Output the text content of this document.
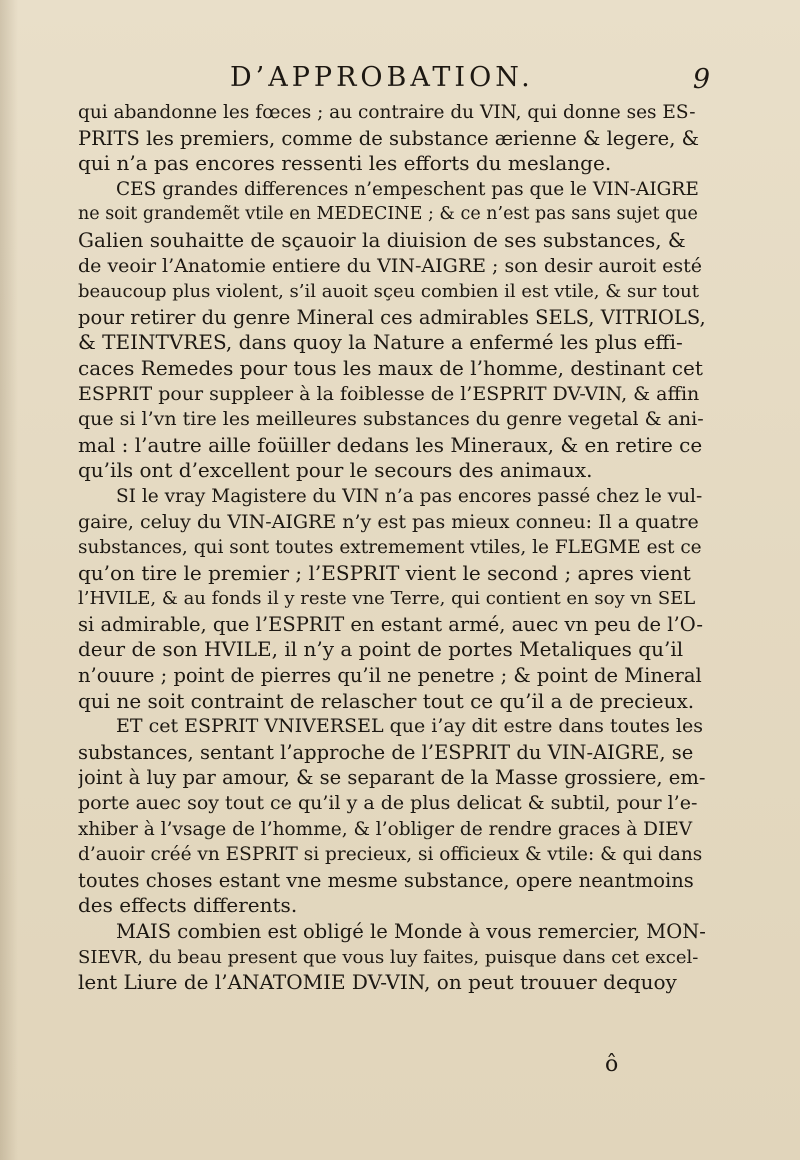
D’APPROBATION.	9
qui abandonne les fœces ; au contraire du VIN, qui donne ses ES-
PRITS les premiers, comme de substance ærienne & legere, &
qui n’a pas encores ressenti les efforts du meslange.
CES grandes differences n’empeschent pas que le VIN-AIGRE
ne soit grandemẽt vtile en MEDECINE ; & ce n’est pas sans sujet que
Galien souhaitte de sçauoir la diuision de ses substances, &
de veoir l’Anatomie entiere du VIN-AIGRE ; son desir auroit esté
beaucoup plus violent, s’il auoit sçeu combien il est vtile, & sur tout
pour retirer du genre Mineral ces admirables SELS, VITRIOLS,
& TEINTVRES, dans quoy la Nature a enfermé les plus effi-
caces Remedes pour tous les maux de l’homme, destinant cet
ESPRIT pour suppleer à la foiblesse de l’ESPRIT DV-VIN, & affin
que si l’vn tire les meilleures substances du genre vegetal & ani-
mal : l’autre aille foüiller dedans les Mineraux, & en retire ce
qu’ils ont d’excellent pour le secours des animaux.
SI le vray Magistere du VIN n’a pas encores passé chez le vul-
gaire, celuy du VIN-AIGRE n’y est pas mieux conneu: Il a quatre
substances, qui sont toutes extremement vtiles, le FLEGME est ce
qu’on tire le premier ; l’ESPRIT vient le second ; apres vient
l’HVILE, & au fonds il y reste vne Terre, qui contient en soy vn SEL
si admirable, que l’ESPRIT en estant armé, auec vn peu de l’O-
deur de son HVILE, il n’y a point de portes Metaliques qu’il
n’ouure ; point de pierres qu’il ne penetre ; & point de Mineral
qui ne soit contraint de relascher tout ce qu’il a de precieux.
ET cet ESPRIT VNIVERSEL que i’ay dit estre dans toutes les
substances, sentant l’approche de l’ESPRIT du VIN-AIGRE, se
joint à luy par amour, & se separant de la Masse grossiere, em-
porte auec soy tout ce qu’il y a de plus delicat & subtil, pour l’e-
xhiber à l’vsage de l’homme, & l’obliger de rendre graces à DIEV
d’auoir créé vn ESPRIT si precieux, si officieux & vtile: & qui dans
toutes choses estant vne mesme substance, opere neantmoins
des effects differents.
MAIS combien est obligé le Monde à vous remercier, MON-
SIEVR, du beau present que vous luy faites, puisque dans cet excel-
lent Liure de l’ANATOMIE DV-VIN, on peut trouuer dequoy
ô
